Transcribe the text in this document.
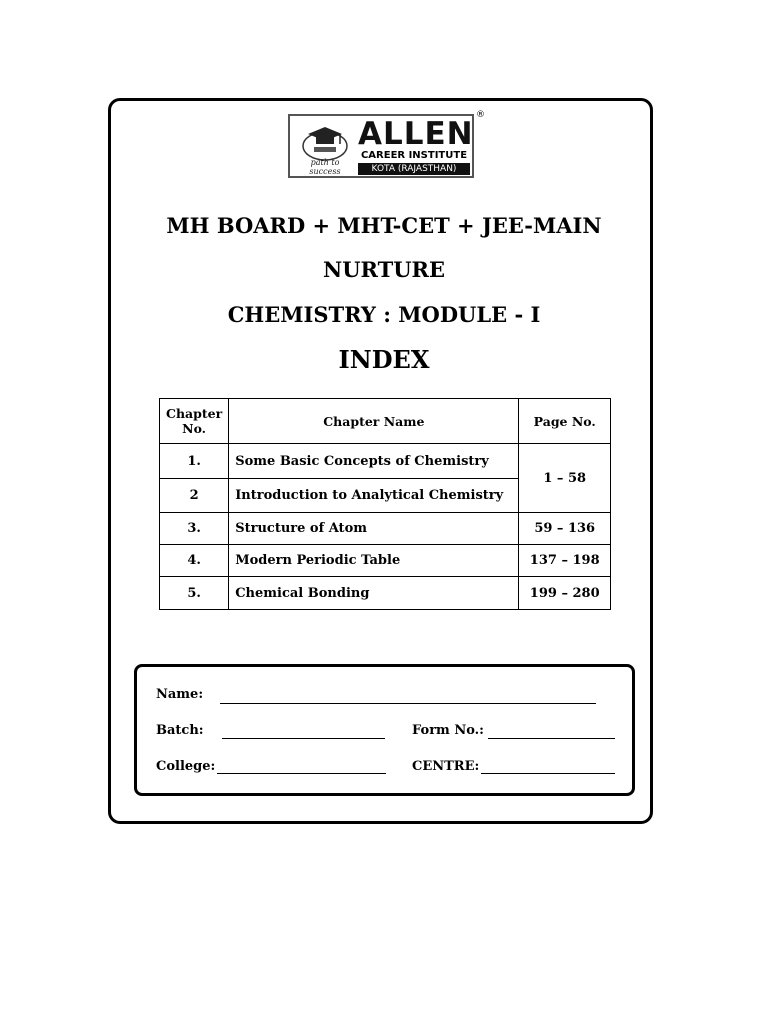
path to success
ALLEN
CAREER INSTITUTE
KOTA (RAJASTHAN)
®
MH BOARD + MHT-CET + JEE-MAIN
NURTURE
CHEMISTRY : MODULE - I
INDEX
Chapter
No.	Chapter Name	Page No.
1.	Some Basic Concepts of Chemistry	1 – 58
2	Introduction to Analytical Chemistry	
3.	Structure of Atom	59 – 136
4.	Modern Periodic Table	137 – 198
5.	Chemical Bonding	199 – 280
Name:
Batch:	Form No.:
College:	CENTRE:
